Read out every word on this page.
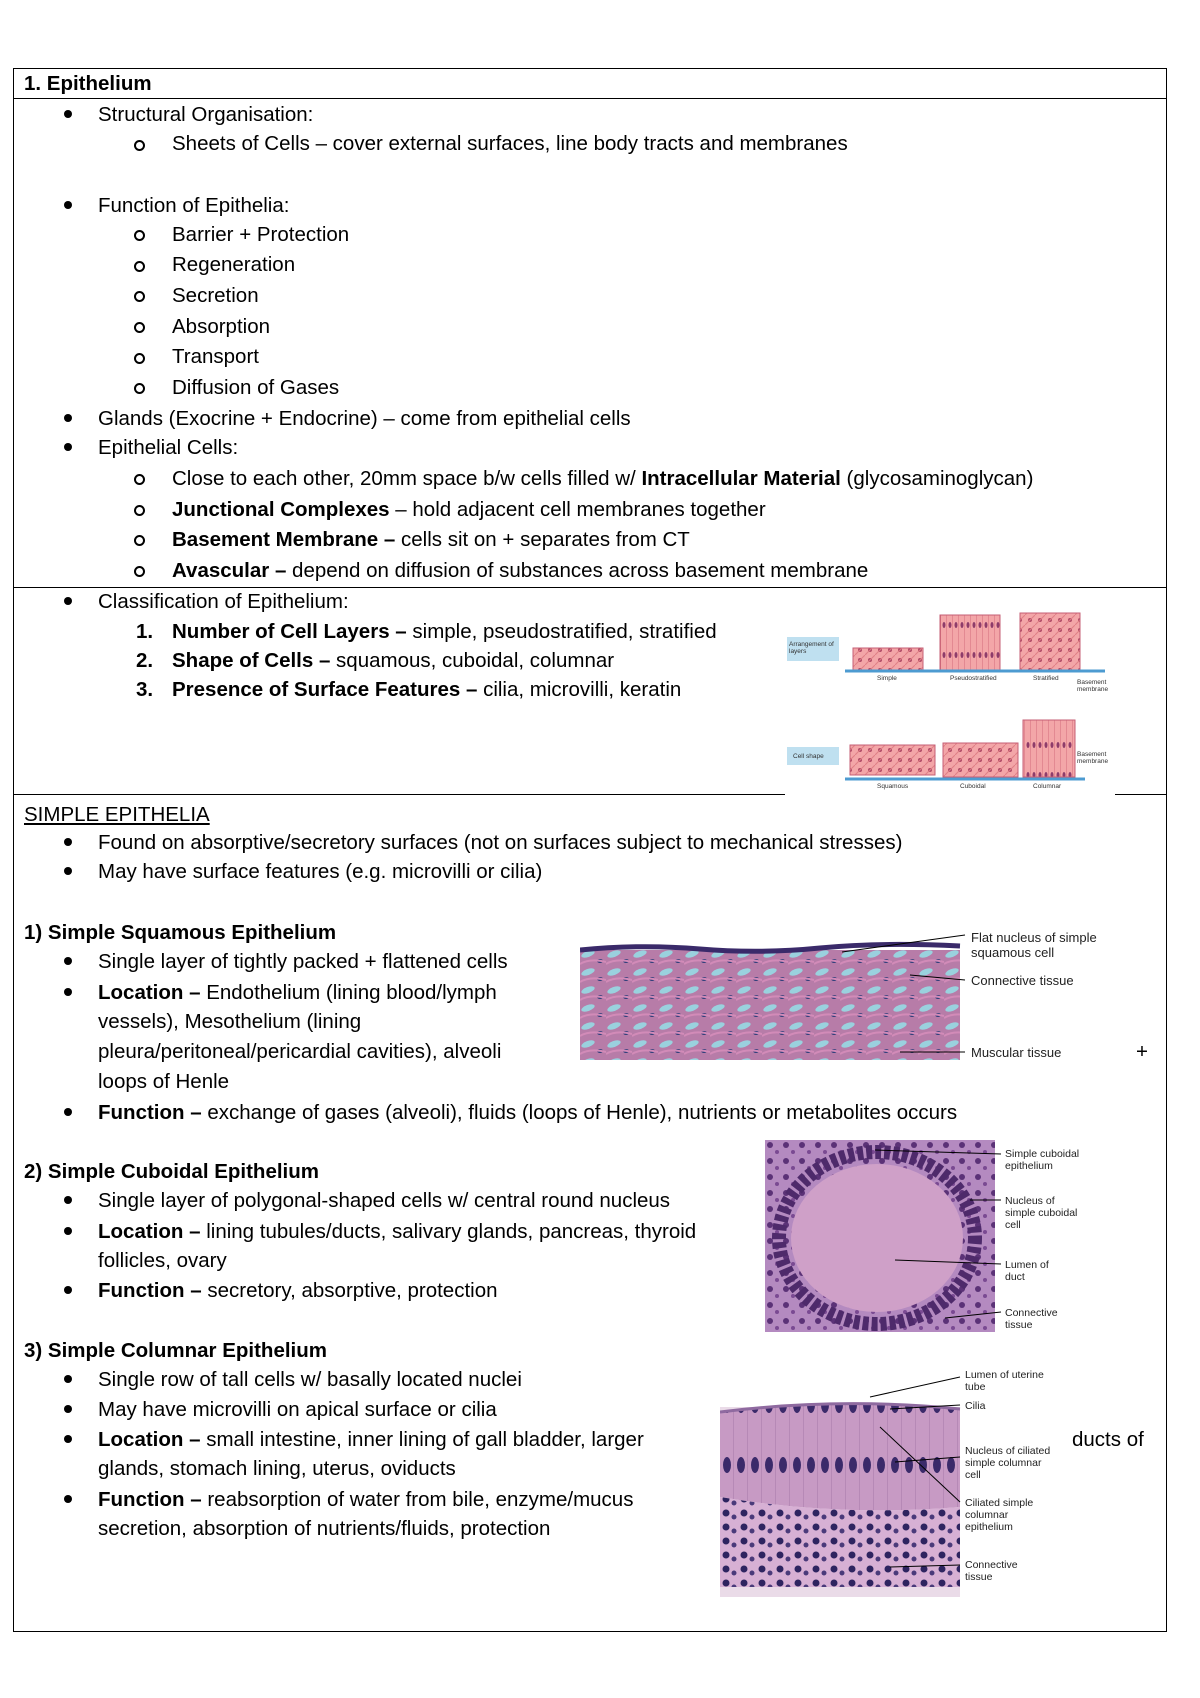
1. Epithelium
Structural Organisation:
Sheets of Cells – cover external surfaces, line body tracts and membranes
Function of Epithelia:
Barrier + Protection
Regeneration
Secretion
Absorption
Transport
Diffusion of Gases
Glands (Exocrine + Endocrine) – come from epithelial cells
Epithelial Cells:
Close to each other, 20mm space b/w cells filled w/ Intracellular Material (glycosaminoglycan)
Junctional Complexes – hold adjacent cell membranes together
Basement Membrane – cells sit on + separates from CT
Avascular – depend on diffusion of substances across basement membrane
Classification of Epithelium:
1. Number of Cell Layers – simple, pseudostratified, stratified
2. Shape of Cells – squamous, cuboidal, columnar
3. Presence of Surface Features – cilia, microvilli, keratin
Arrangement of layers
Simple	Pseudostratified	Stratified
Basement membrane
Cell shape
Squamous	Cuboidal	Columnar
Basement membrane
SIMPLE EPITHELIA
Found on absorptive/secretory surfaces (not on surfaces subject to mechanical stresses)
May have surface features (e.g. microvilli or cilia)
1) Simple Squamous Epithelium
Single layer of tightly packed + flattened cells
Location – Endothelium (lining blood/lymph
vessels), Mesothelium (lining
pleura/peritoneal/pericardial cavities), alveoli
loops of Henle
+
Function – exchange of gases (alveoli), fluids (loops of Henle), nutrients or metabolites occurs
Flat nucleus of simple squamous cell
Connective tissue
Muscular tissue
2) Simple Cuboidal Epithelium
Single layer of polygonal-shaped cells w/ central round nucleus
Location – lining tubules/ducts, salivary glands, pancreas, thyroid
follicles, ovary
Function – secretory, absorptive, protection
Simple cuboidal epithelium
Nucleus of simple cuboidal cell
Lumen of duct
Connective tissue
3) Simple Columnar Epithelium
Single row of tall cells w/ basally located nuclei
May have microvilli on apical surface or cilia
Location – small intestine, inner lining of gall bladder, larger	ducts of
glands, stomach lining, uterus, oviducts
Function – reabsorption of water from bile, enzyme/mucus
secretion, absorption of nutrients/fluids, protection
Lumen of uterine tube
Cilia
Nucleus of ciliated simple columnar cell
Ciliated simple columnar epithelium
Connective tissue
